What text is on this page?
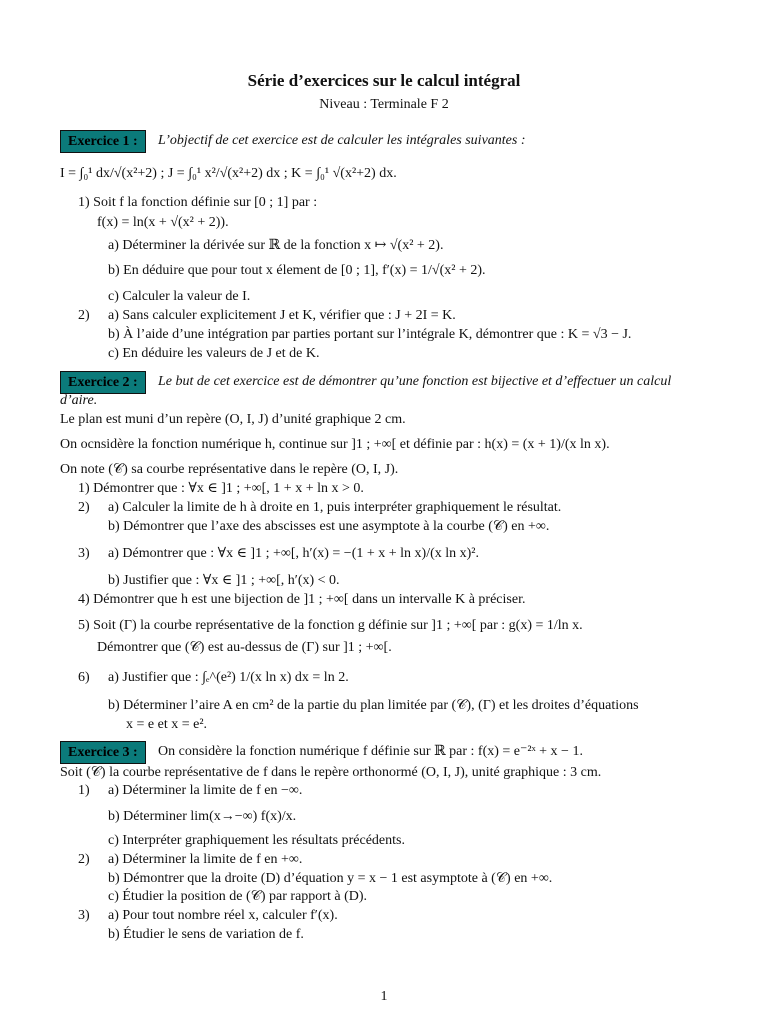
Série d’exercices sur le calcul intégral
Niveau : Terminale F 2
Exercice 1 :	L’objectif de cet exercice est de calculer les intégrales suivantes :
I = ∫₀¹ dx/√(x²+2) ; J = ∫₀¹ x²/√(x²+2) dx ; K = ∫₀¹ √(x²+2) dx.
1) Soit f la fonction définie sur [0 ; 1] par :
f(x) = ln(x + √(x² + 2)).
a) Déterminer la dérivée sur ℝ de la fonction x ↦ √(x² + 2).
b) En déduire que pour tout x élement de [0 ; 1], f′(x) = 1/√(x² + 2).
c) Calculer la valeur de I.
2) a) Sans calculer explicitement J et K, vérifier que : J + 2I = K.
b) À l’aide d’une intégration par parties portant sur l’intégrale K, démontrer que : K = √3 − J.
c) En déduire les valeurs de J et de K.
Exercice 2 :	Le but de cet exercice est de démontrer qu’une fonction est bijective et d’effectuer un calcul
d’aire.
Le plan est muni d’un repère (O, I, J) d’unité graphique 2 cm.
On ocnsidère la fonction numérique h, continue sur ]1 ; +∞[ et définie par : h(x) = (x + 1)/(x ln x).
On note (𝒞) sa courbe représentative dans le repère (O, I, J).
1) Démontrer que : ∀x ∈ ]1 ; +∞[, 1 + x + ln x > 0.
2) a) Calculer la limite de h à droite en 1, puis interpréter graphiquement le résultat.
b) Démontrer que l’axe des abscisses est une asymptote à la courbe (𝒞) en +∞.
3) a) Démontrer que : ∀x ∈ ]1 ; +∞[, h′(x) = −(1 + x + ln x)/(x ln x)².
b) Justifier que : ∀x ∈ ]1 ; +∞[, h′(x) < 0.
4) Démontrer que h est une bijection de ]1 ; +∞[ dans un intervalle K à préciser.
5) Soit (Γ) la courbe représentative de la fonction g définie sur ]1 ; +∞[ par : g(x) = 1/ln x.
Démontrer que (𝒞) est au-dessus de (Γ) sur ]1 ; +∞[.
6) a) Justifier que : ∫ₑ^(e²) 1/(x ln x) dx = ln 2.
b) Déterminer l’aire A en cm² de la partie du plan limitée par (𝒞), (Γ) et les droites d’équations
x = e et x = e².
Exercice 3 :	On considère la fonction numérique f définie sur ℝ par : f(x) = e⁻²ˣ + x − 1.
Soit (𝒞) la courbe représentative de f dans le repère orthonormé (O, I, J), unité graphique : 3 cm.
1) a) Déterminer la limite de f en −∞.
b) Déterminer lim(x→−∞) f(x)/x.
c) Interpréter graphiquement les résultats précédents.
2) a) Déterminer la limite de f en +∞.
b) Démontrer que la droite (D) d’équation y = x − 1 est asymptote à (𝒞) en +∞.
c) Étudier la position de (𝒞) par rapport à (D).
3) a) Pour tout nombre réel x, calculer f′(x).
b) Étudier le sens de variation de f.
1
